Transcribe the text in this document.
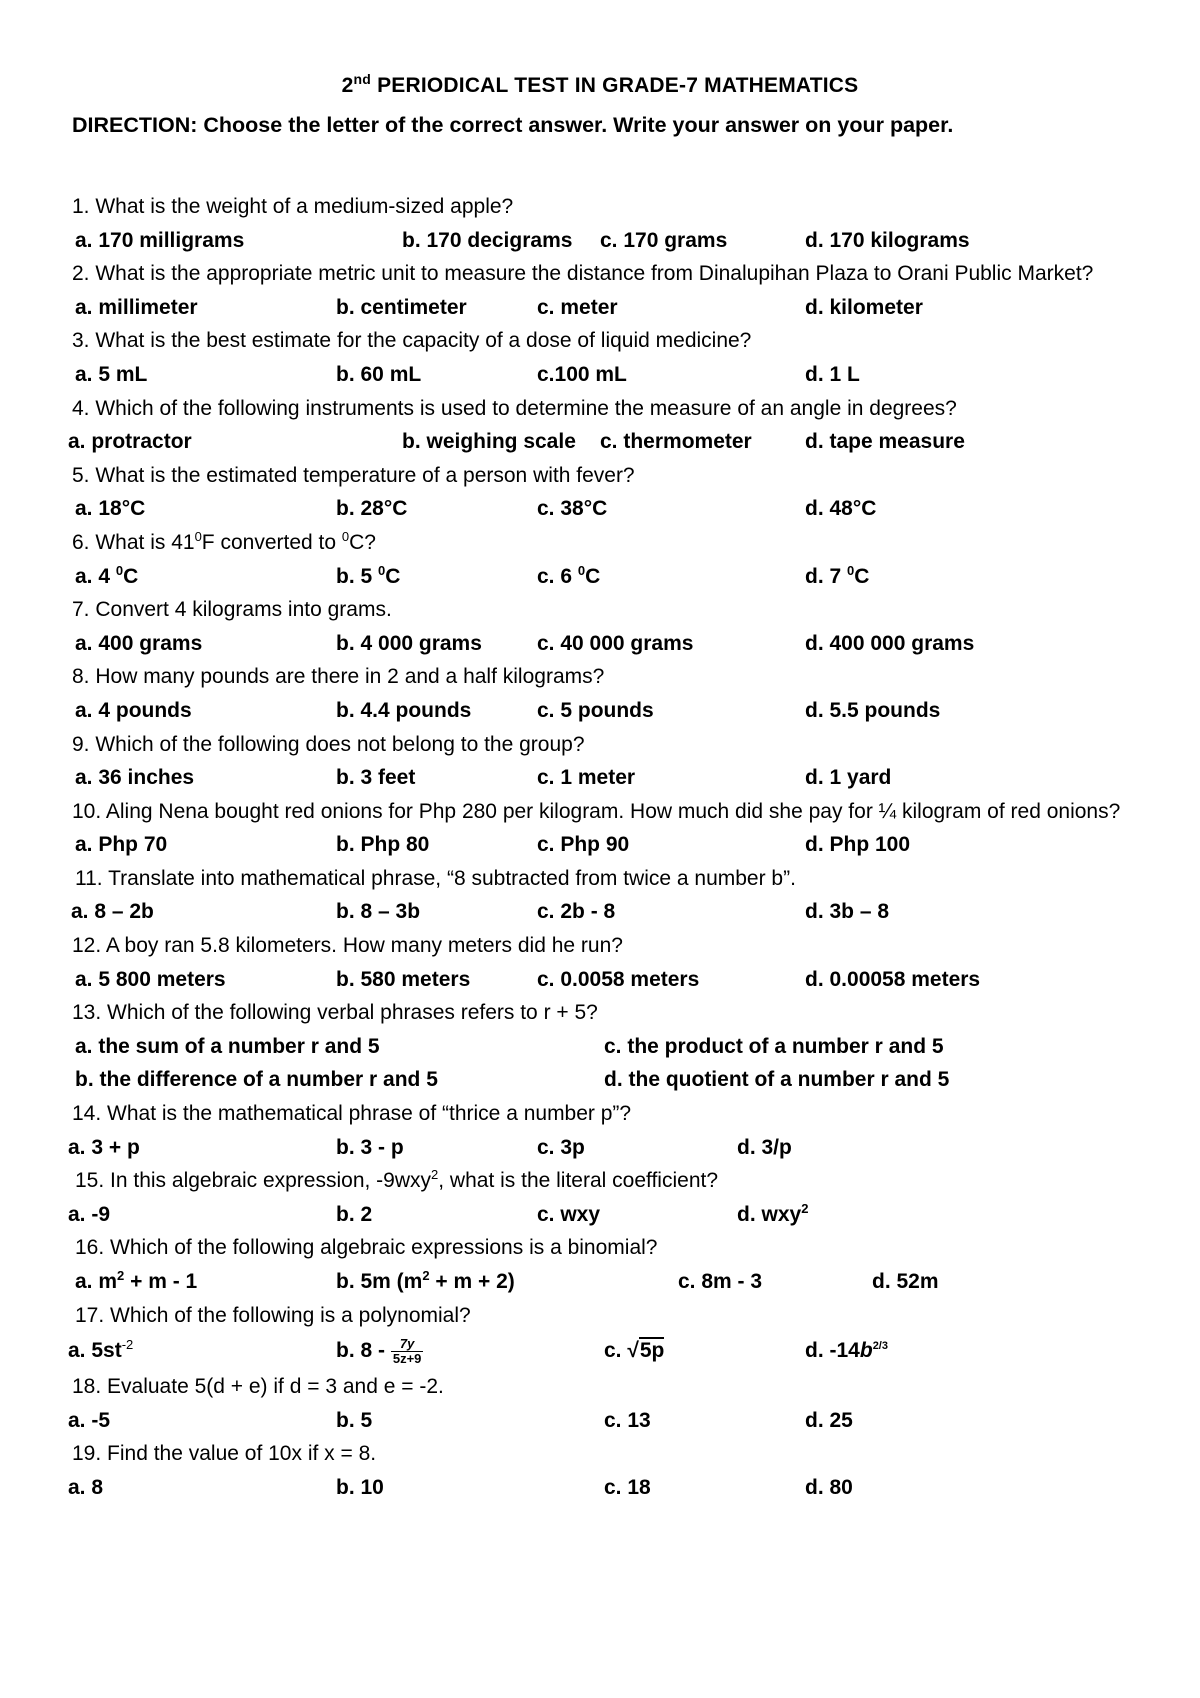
2nd PERIODICAL TEST IN GRADE-7 MATHEMATICS
DIRECTION: Choose the letter of the correct answer. Write your answer on your paper.
1. What is the weight of a medium-sized apple?
a. 170 milligrams	b. 170 decigrams c. 170 grams	d. 170 kilograms
2. What is the appropriate metric unit to measure the distance from Dinalupihan Plaza to Orani Public Market?
a. millimeter	b. centimeter	c. meter	d. kilometer
3. What is the best estimate for the capacity of a dose of liquid medicine?
a. 5 mL	b. 60 mL	c.100 mL	d. 1 L
4. Which of the following instruments is used to determine the measure of an angle in degrees?
a. protractor	b. weighing scale c. thermometer	d. tape measure
5. What is the estimated temperature of a person with fever?
a. 18°C	b. 28°C	c. 38°C	d. 48°C
6. What is $41^0F$ converted to $^0$C?
a. 4 $^0$C	b. 5 $^0$C	c. 6 $^0$C	d. 7 $^0$C
7. Convert 4 kilograms into grams.
a. 400 grams	b. 4 000 grams	c. 40 000 grams	d. 400 000 grams
8. How many pounds are there in 2 and a half kilograms?
a. 4 pounds	b. 4.4 pounds	c. 5 pounds	d. 5.5 pounds
9. Which of the following does not belong to the group?
a. 36 inches	b. 3 feet	c. 1 meter	d. 1 yard
10. Aling Nena bought red onions for Php 280 per kilogram. How much did she pay for ¼ kilogram of red onions?
a. Php 70	b. Php 80	c. Php 90	d. Php 100
11. Translate into mathematical phrase, “8 subtracted from twice a number b”.
a. 8 – 2b	b. 8 – 3b	c. 2b - 8	d. 3b – 8
12. A boy ran 5.8 kilometers. How many meters did he run?
a. 5 800 meters	b. 580 meters	c. 0.0058 meters	d. 0.00058 meters
13. Which of the following verbal phrases refers to r + 5?
a. the sum of a number r and 5	c. the product of a number r and 5
b. the difference of a number r and 5	d. the quotient of a number r and 5
14. What is the mathematical phrase of “thrice a number p”?
a. 3 + p	b. 3 - p	c. 3p	d. 3/p
15. In this algebraic expression, -9wxy$^2$, what is the literal coefficient?
a. -9	b. 2	c. wxy	d. wxy$^2$
16. Which of the following algebraic expressions is a binomial?
a. $m^2 + m - 1$	b. 5m $(m^2 + m + 2)$	c. 8m - 3	d. 52m
17. Which of the following is a polynomial?
a. $5st^{-2}$	b. $8 - \frac{7y}{5z+9}$	c. √5p	d. $-14b^{2/3}$
18. Evaluate 5(d + e) if d = 3 and e = -2.
a. -5	b. 5	c. 13	d. 25
19. Find the value of 10x if x = 8.
a. 8	b. 10	c. 18	d. 80
